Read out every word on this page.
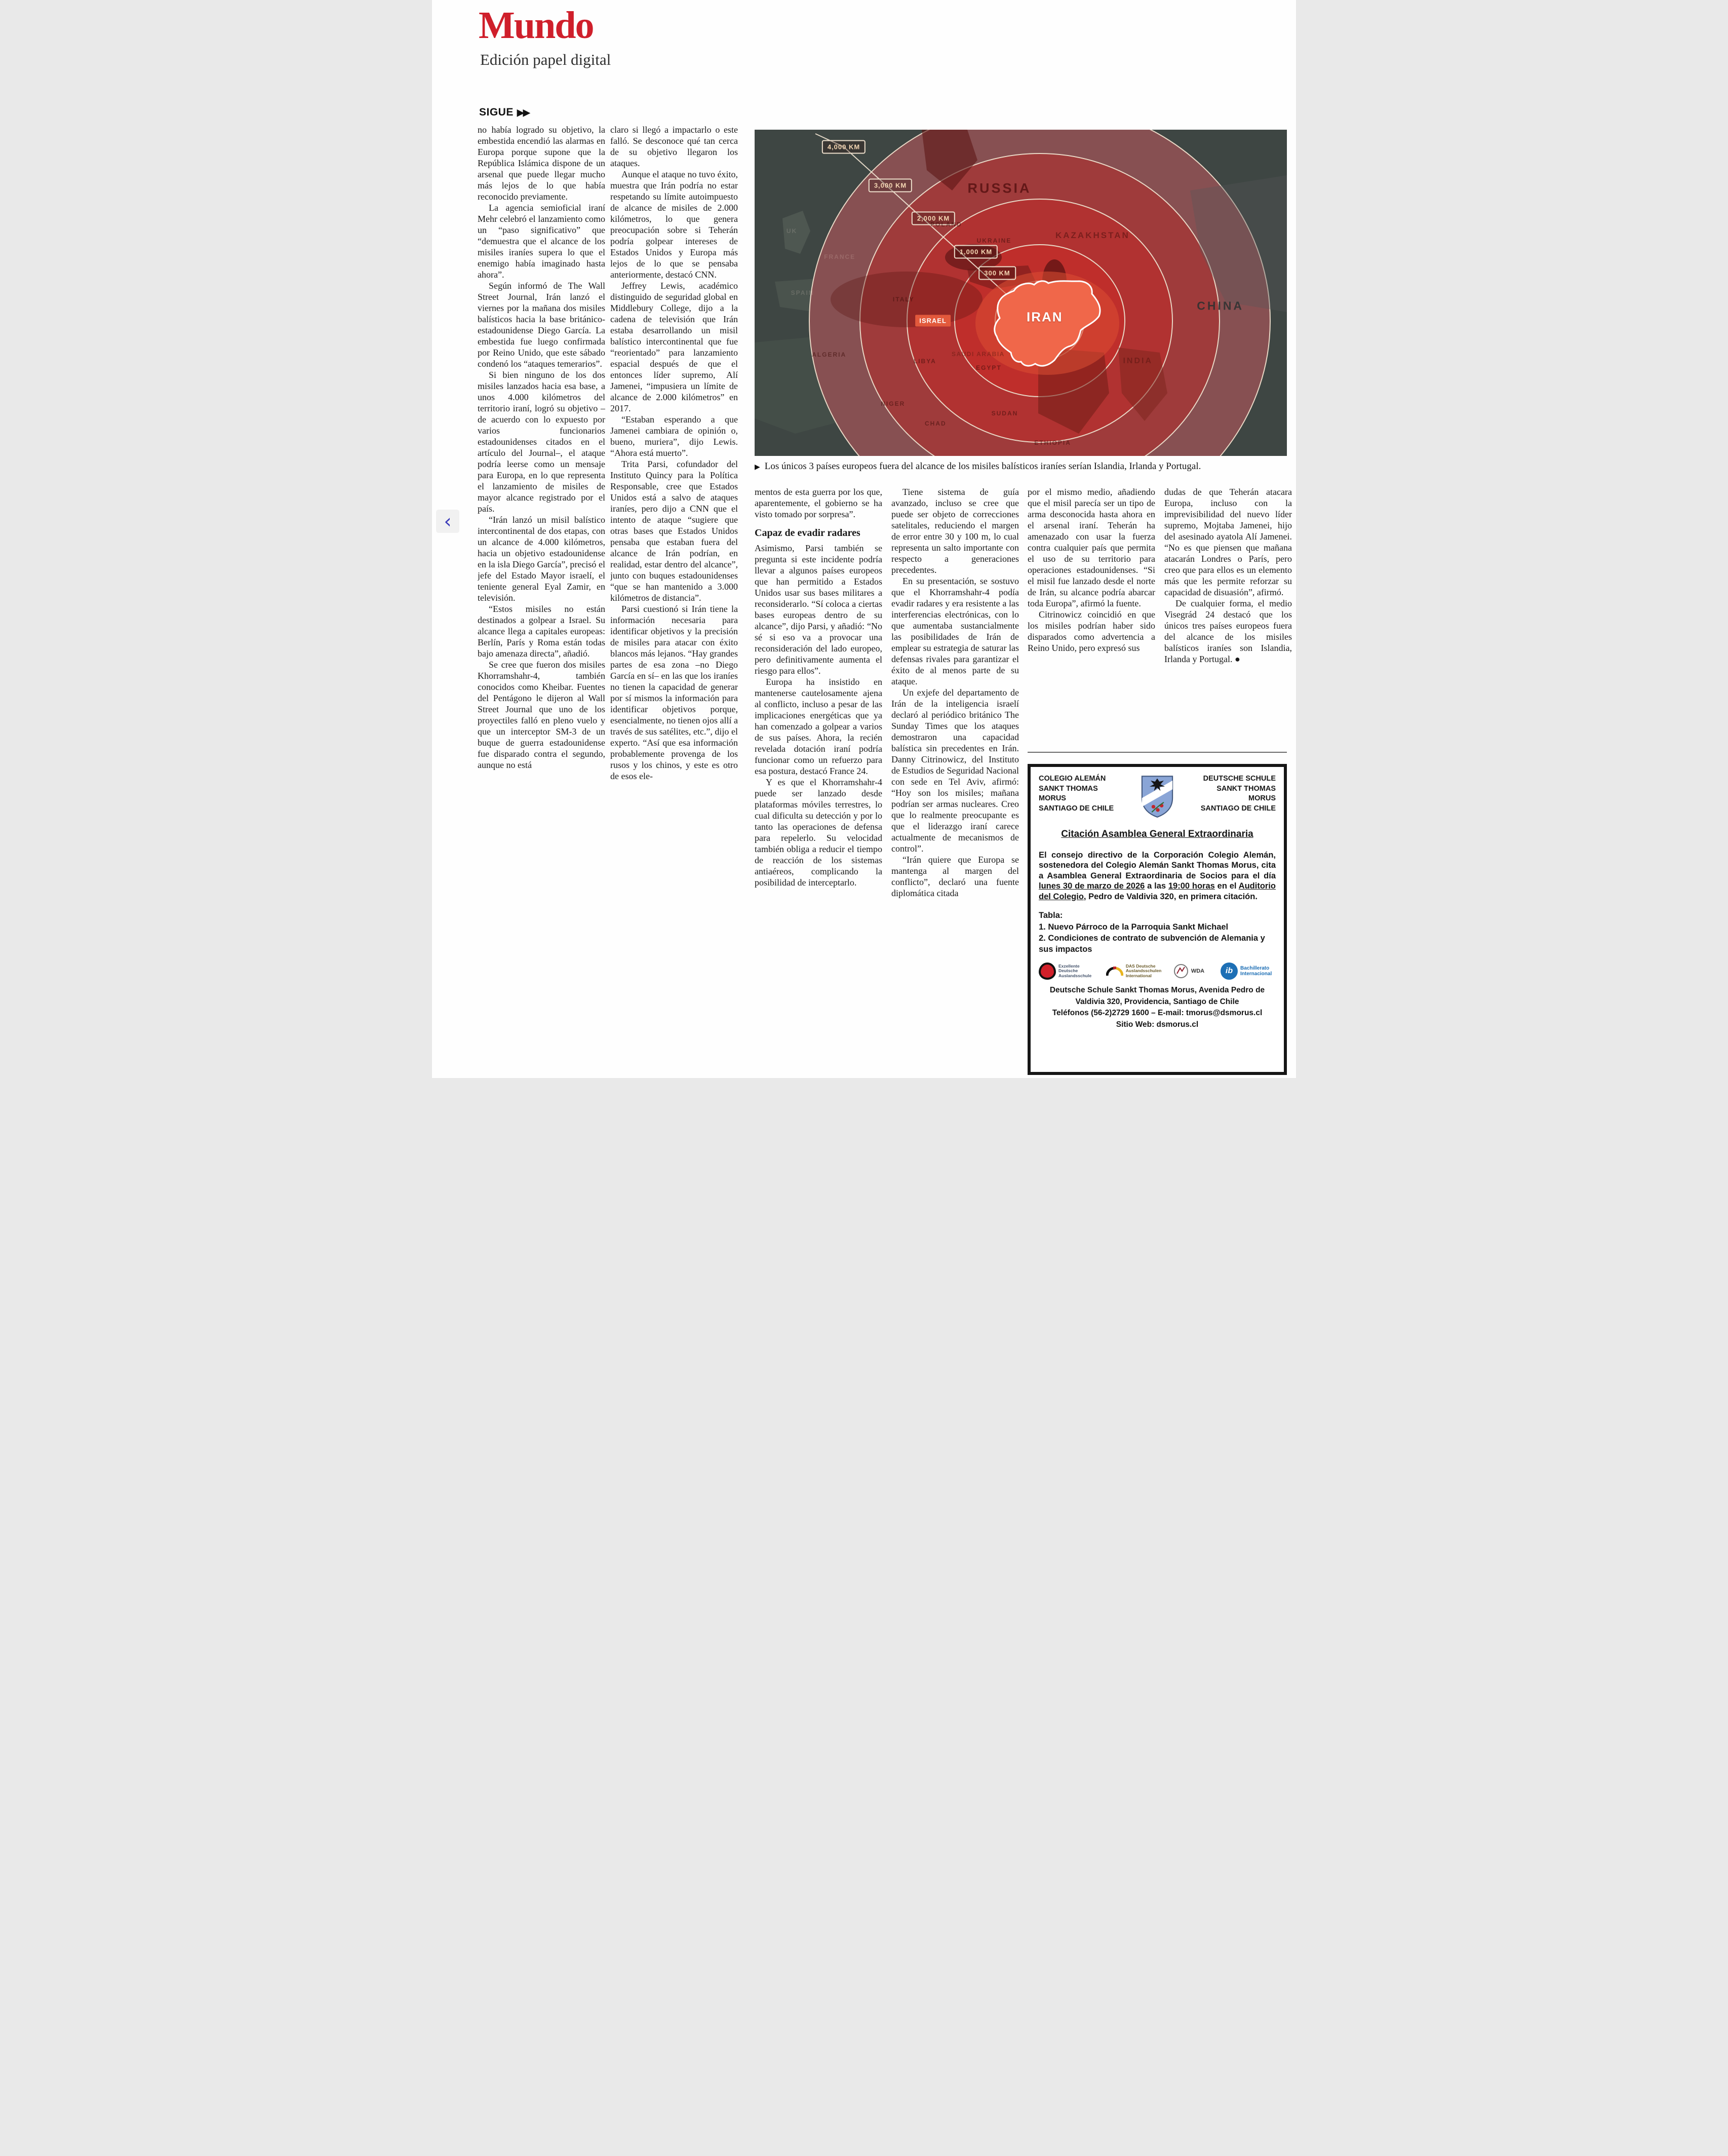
Mundo
Edición papel digital
SIGUE ▶▶
‹

no había logrado su objetivo, la embestida encendió las alarmas en Europa porque supone que la República Islámica dispone de un arsenal que puede llegar mucho más lejos de lo que había reconocido previamente.

La agencia semioficial iraní Mehr celebró el lanzamiento como un “paso significativo” que “demuestra que el alcance de los misiles iraníes supera lo que el enemigo había imaginado hasta ahora”.

Según informó de The Wall Street Journal, Irán lanzó el viernes por la mañana dos misiles balísticos hacia la base británico-estadounidense Diego García. La embestida fue luego confirmada por Reino Unido, que este sábado condenó los “ataques temerarios”.

Si bien ninguno de los dos misiles lanzados hacia esa base, a unos 4.000 kilómetros del territorio iraní, logró su objetivo –de acuerdo con lo expuesto por varios funcionarios estadounidenses citados en el artículo del Journal–, el ataque podría leerse como un mensaje para Europa, en lo que representa el lanzamiento de misiles de mayor alcance registrado por el país.

“Irán lanzó un misil balístico intercontinental de dos etapas, con un alcance de 4.000 kilómetros, hacia un objetivo estadounidense en la isla Diego García”, precisó el jefe del Estado Mayor israelí, el teniente general Eyal Zamir, en televisión.

“Estos misiles no están destinados a golpear a Israel. Su alcance llega a capitales europeas: Berlín, París y Roma están todas bajo amenaza directa”, añadió.

Se cree que fueron dos misiles Khorramshahr-4, también conocidos como Kheibar. Fuentes del Pentágono le dijeron al Wall Street Journal que uno de los proyectiles falló en pleno vuelo y que un interceptor SM-3 de un buque de guerra estadounidense fue disparado contra el segundo, aunque no está

claro si llegó a impactarlo o este falló. Se desconoce qué tan cerca de su objetivo llegaron los ataques.

Aunque el ataque no tuvo éxito, muestra que Irán podría no estar respetando su límite autoimpuesto de alcance de misiles de 2.000 kilómetros, lo que genera preocupación sobre si Teherán podría golpear intereses de Estados Unidos y Europa más lejos de lo que se pensaba anteriormente, destacó CNN.

Jeffrey Lewis, académico distinguido de seguridad global en Middlebury College, dijo a la cadena de televisión que Irán estaba desarrollando un misil balístico intercontinental que fue “reorientado” para lanzamiento espacial después de que el entonces líder supremo, Alí Jamenei, “impusiera un límite de alcance de 2.000 kilómetros” en 2017.

“Estaban esperando a que Jamenei cambiara de opinión o, bueno, muriera”, dijo Lewis. “Ahora está muerto”.

Trita Parsi, cofundador del Instituto Quincy para la Política Responsable, cree que Estados Unidos está a salvo de ataques iraníes, pero dijo a CNN que el intento de ataque “sugiere que otras bases que Estados Unidos pensaba que estaban fuera del alcance de Irán podrían, en realidad, estar dentro del alcance”, junto con buques estadounidenses “que se han mantenido a 3.000 kilómetros de distancia”.

Parsi cuestionó si Irán tiene la información necesaria para identificar objetivos y la precisión de misiles para atacar con éxito blancos más lejanos. “Hay grandes partes de esa zona –no Diego García en sí– en las que los iraníes no tienen la capacidad de generar por sí mismos la información para identificar objetivos porque, esencialmente, no tienen ojos allí a través de sus satélites, etc.”, dijo el experto. “Así que esa información probablemente provenga de los rusos y los chinos, y este es otro de esos ele-

4,000 KM
3,000 KM
2,000 KM
1,000 KM
300 KM
RUSSIA
KAZAKHSTAN
CHINA
INDIA
SAUDI ARABIA
UK
FRANCE
SPAIN
POLAND
UKRAINE
ITALY
ALGERIA
LIBYA
EGYPT
NIGER
CHAD
SUDAN
ETHIOPIA
ISRAEL	IRAN
▶ Los únicos 3 países europeos fuera del alcance de los misiles balísticos iraníes serían Islandia, Irlanda y Portugal.

mentos de esta guerra por los que, aparentemente, el gobierno se ha visto tomado por sorpresa”.

Capaz de evadir radares

Asimismo, Parsi también se pregunta si este incidente podría llevar a algunos países europeos que han permitido a Estados Unidos usar sus bases militares a reconsiderarlo. “Sí coloca a ciertas bases europeas dentro de su alcance”, dijo Parsi, y añadió: “No sé si eso va a provocar una reconsideración del lado europeo, pero definitivamente aumenta el riesgo para ellos”.

Europa ha insistido en mantenerse cautelosamente ajena al conflicto, incluso a pesar de las implicaciones energéticas que ya han comenzado a golpear a varios de sus países. Ahora, la recién revelada dotación iraní podría funcionar como un refuerzo para esa postura, destacó France 24.

Y es que el Khorramshahr-4 puede ser lanzado desde plataformas móviles terrestres, lo cual dificulta su detección y por lo tanto las operaciones de defensa para repelerlo. Su velocidad también obliga a reducir el tiempo de reacción de los sistemas antiaéreos, complicando la posibilidad de interceptarlo.

Tiene sistema de guía avanzado, incluso se cree que puede ser objeto de correcciones satelitales, reduciendo el margen de error entre 30 y 100 m, lo cual representa un salto importante con respecto a generaciones precedentes.

En su presentación, se sostuvo que el Khorramshahr-4 podía evadir radares y era resistente a las interferencias electrónicas, con lo que aumentaba sustancialmente las posibilidades de Irán de emplear su estrategia de saturar las defensas rivales para garantizar el éxito de al menos parte de su ataque.

Un exjefe del departamento de Irán de la inteligencia israelí declaró al periódico británico The Sunday Times que los ataques demostraron una capacidad balística sin precedentes en Irán. Danny Citrinowicz, del Instituto de Estudios de Seguridad Nacional con sede en Tel Aviv, afirmó: “Hoy son los misiles; mañana podrían ser armas nucleares. Creo que lo realmente preocupante es que el liderazgo iraní carece actualmente de mecanismos de control”.

“Irán quiere que Europa se mantenga al margen del conflicto”, declaró una fuente diplomática citada

por el mismo medio, añadiendo que el misil parecía ser un tipo de arma desconocida hasta ahora en el arsenal iraní. Teherán ha amenazado con usar la fuerza contra cualquier país que permita el uso de su territorio para operaciones estadounidenses. “Si el misil fue lanzado desde el norte de Irán, su alcance podría abarcar toda Europa”, afirmó la fuente.

Citrinowicz coincidió en que los misiles podrían haber sido disparados como advertencia a Reino Unido, pero expresó sus

dudas de que Teherán atacara Europa, incluso con la imprevisibilidad del nuevo líder supremo, Mojtaba Jamenei, hijo del asesinado ayatola Alí Jamenei. “No es que piensen que mañana atacarán Londres o París, pero creo que para ellos es un elemento más que les permite reforzar su capacidad de disuasión”, afirmó.

De cualquier forma, el medio Visegrád 24 destacó que los únicos tres países europeos fuera del alcance de los misiles balísticos iraníes son Islandia, Irlanda y Portugal. ●

COLEGIO ALEMÁN
SANKT THOMAS MORUS
SANTIAGO DE CHILE
DEUTSCHE SCHULE
SANKT THOMAS MORUS
SANTIAGO DE CHILE
Citación Asamblea General Extraordinaria
El consejo directivo de la Corporación Colegio Alemán, sostenedora del Colegio Alemán Sankt Thomas Morus, cita a Asamblea General Extraordinaria de Socios para el día lunes 30 de marzo de 2026 a las 19:00 horas en el Auditorio del Colegio, Pedro de Valdivia 320, en primera citación.
Tabla:
1. Nuevo Párroco de la Parroquia Sankt Michael
2. Condiciones de contrato de subvención de Alemania y sus impactos
Exzellente Deutsche Auslandsschule
DAS Deutsche Auslandsschulen International
WDA	ib	Bachillerato Internacional
Deutsche Schule Sankt Thomas Morus, Avenida Pedro de Valdivia 320, Providencia, Santiago de Chile
Teléfonos (56-2)2729 1600 – E-mail: tmorus@dsmorus.cl
Sitio Web: dsmorus.cl
